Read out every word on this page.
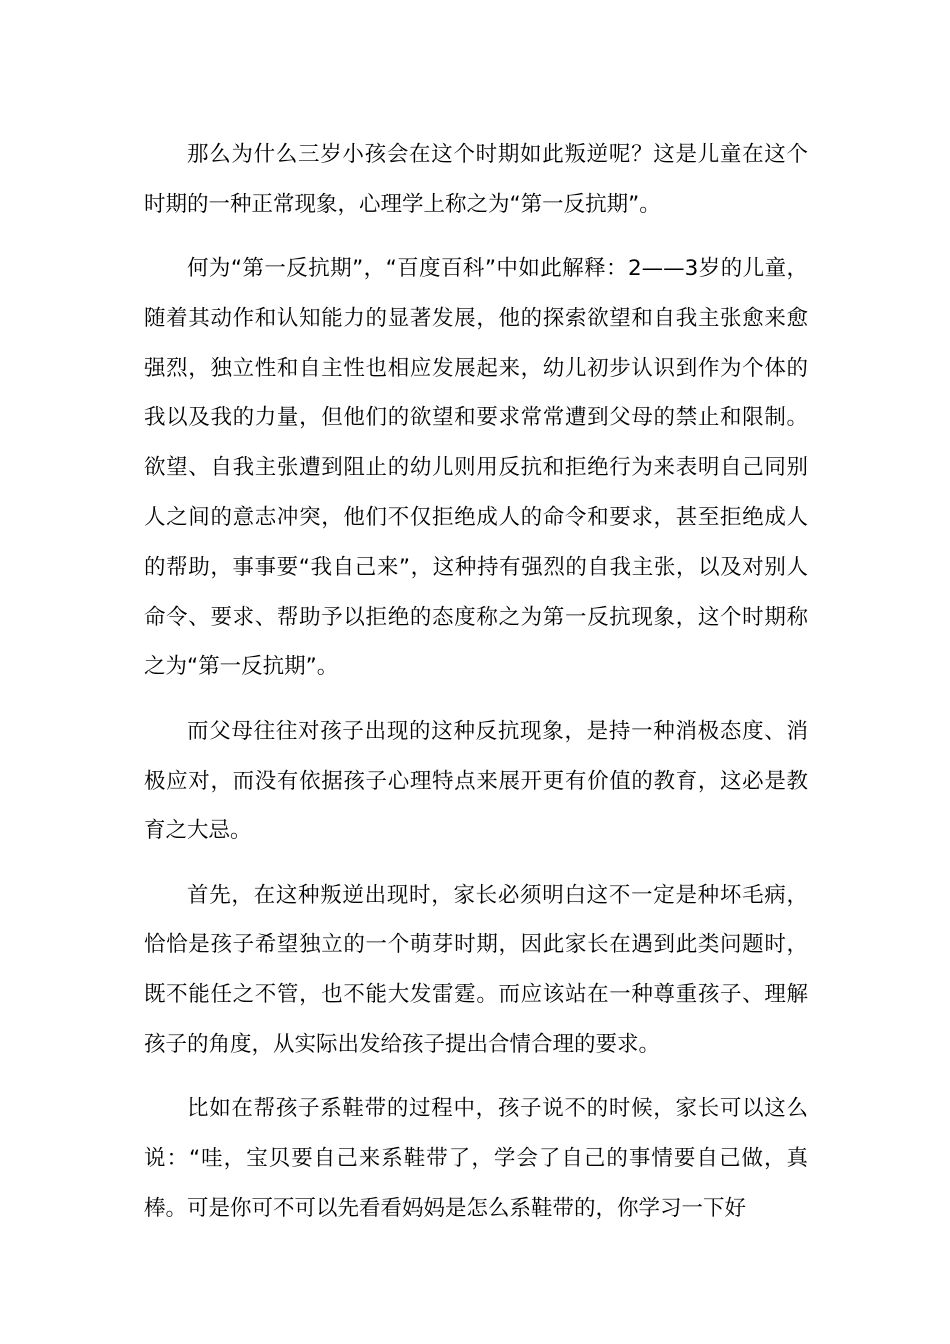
那么为什么三岁小孩会在这个时期如此叛逆呢？这是儿童在这个时期的一种正常现象，心理学上称之为“第一反抗期”。

何为“第一反抗期”，“百度百科”中如此解释：2——3岁的儿童，随着其动作和认知能力的显著发展，他的探索欲望和自我主张愈来愈强烈，独立性和自主性也相应发展起来，幼儿初步认识到作为个体的我以及我的力量，但他们的欲望和要求常常遭到父母的禁止和限制。欲望、自我主张遭到阻止的幼儿则用反抗和拒绝行为来表明自己同别人之间的意志冲突，他们不仅拒绝成人的命令和要求，甚至拒绝成人的帮助，事事要“我自己来”，这种持有强烈的自我主张，以及对别人命令、要求、帮助予以拒绝的态度称之为第一反抗现象，这个时期称之为“第一反抗期”。

而父母往往对孩子出现的这种反抗现象，是持一种消极态度、消极应对，而没有依据孩子心理特点来展开更有价值的教育，这必是教育之大忌。

首先，在这种叛逆出现时，家长必须明白这不一定是种坏毛病，恰恰是孩子希望独立的一个萌芽时期，因此家长在遇到此类问题时，既不能任之不管，也不能大发雷霆。而应该站在一种尊重孩子、理解孩子的角度，从实际出发给孩子提出合情合理的要求。

比如在帮孩子系鞋带的过程中，孩子说不的时候，家长可以这么说：“哇，宝贝要自己来系鞋带了，学会了自己的事情要自己做，真棒。可是你可不可以先看看妈妈是怎么系鞋带的，你学习一下好
